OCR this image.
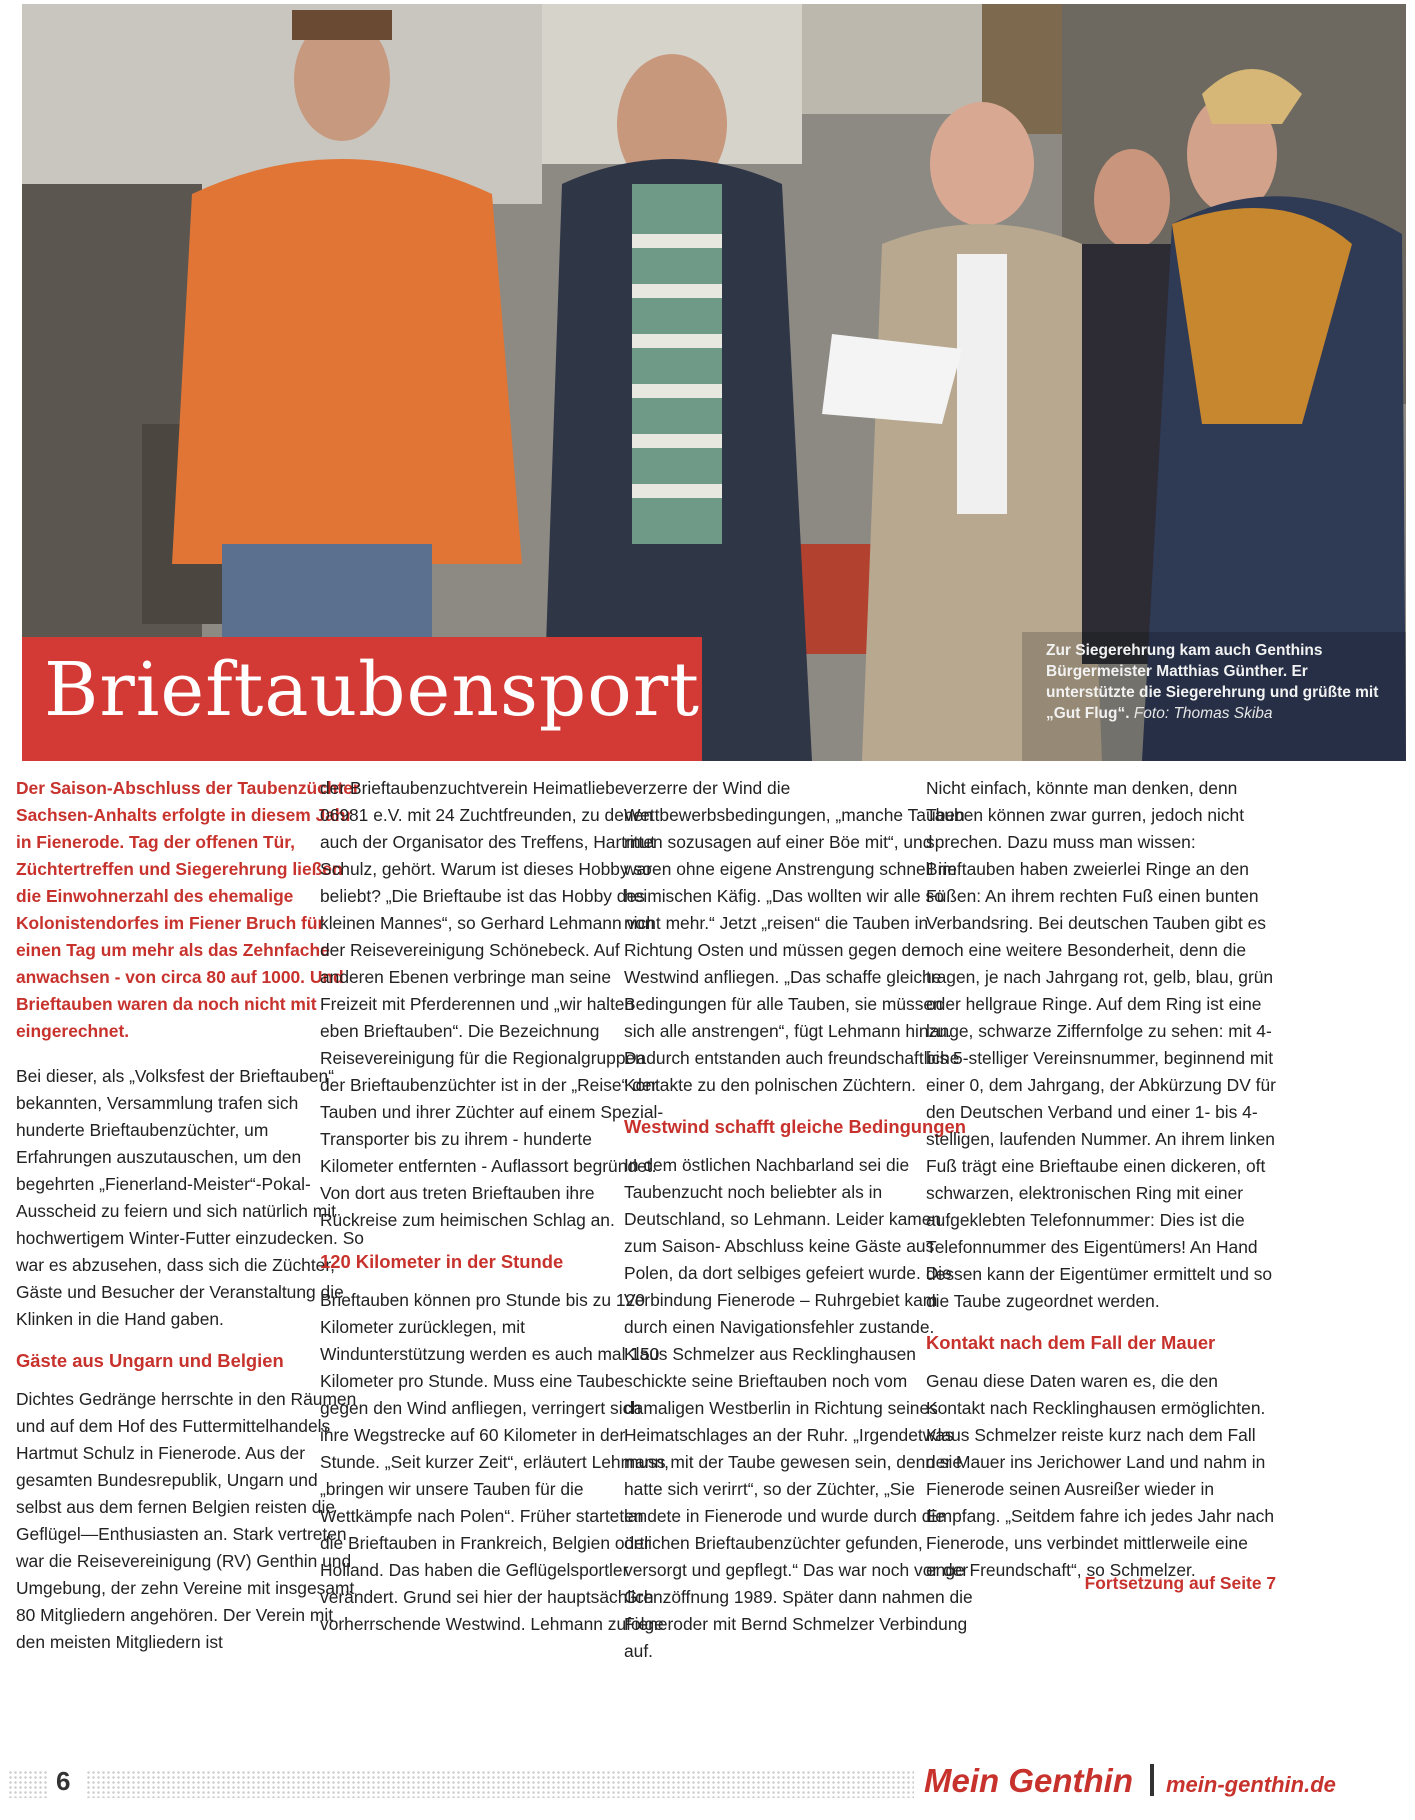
Brieftaubensport	Zur Siegerehrung kam auch Genthins Bürgermeister Matthias Günther. Er unterstützte die Siegerehrung und grüßte mit „Gut Flug“. Foto: Thomas Skiba

Der Saison-Abschluss der Taubenzüchter Sachsen-Anhalts erfolgte in diesem Jahr in Fienerode. Tag der offenen Tür, Züchtertreffen und Siegerehrung ließen die Einwohnerzahl des ehemalige Kolonistendorfes im Fiener Bruch für einen Tag um mehr als das Zehnfache anwachsen - von circa 80 auf 1000. Und Brieftauben waren da noch nicht mit eingerechnet.

Bei dieser, als „Volksfest der Brieftauben“ bekannten, Versammlung trafen sich hunderte Brieftaubenzüchter, um Erfahrungen auszutauschen, um den begehrten „Fienerland-Meister“-Pokal-Ausscheid zu feiern und sich natürlich mit hochwertigem Winter-Futter einzudecken. So war es abzusehen, dass sich die Züchter, Gäste und Besucher der Veranstaltung die Klinken in die Hand gaben.

Gäste aus Ungarn und Belgien

Dichtes Gedränge herrschte in den Räumen und auf dem Hof des Futtermittelhandels Hartmut Schulz in Fienerode. Aus der gesamten Bundesrepublik, Ungarn und selbst aus dem fernen Belgien reisten die Geflügel—Enthusiasten an. Stark vertreten war die Reisevereinigung (RV) Genthin und Umgebung, der zehn Vereine mit insgesamt 80 Mitgliedern angehören. Der Verein mit den meisten Mitgliedern ist

der Brieftaubenzuchtverein Heimatliebe 06981 e.V. mit 24 Zuchtfreunden, zu denen auch der Organisator des Treffens, Hartmut Schulz, gehört. Warum ist dieses Hobby so beliebt? „Die Brieftaube ist das Hobby des kleinen Mannes“, so Gerhard Lehmann von der Reisevereinigung Schönebeck. Auf anderen Ebenen verbringe man seine Freizeit mit Pferderennen und „wir halten eben Brieftauben“. Die Bezeichnung Reisevereinigung für die Regionalgruppen der Brieftaubenzüchter ist in der „Reise“ der Tauben und ihrer Züchter auf einem Spezial-Transporter bis zu ihrem - hunderte Kilometer entfernten - Auflassort begründet. Von dort aus treten Brieftauben ihre Rückreise zum heimischen Schlag an.

120 Kilometer in der Stunde

Brieftauben können pro Stunde bis zu 120 Kilometer zurücklegen, mit Windunterstützung werden es auch mal 150 Kilometer pro Stunde. Muss eine Taube gegen den Wind anfliegen, verringert sich ihre Wegstrecke auf 60 Kilometer in der Stunde. „Seit kurzer Zeit“, erläutert Lehmann, „bringen wir unsere Tauben für die Wettkämpfe nach Polen“. Früher starteten die Brieftauben in Frankreich, Belgien oder Holland. Das haben die Geflügelsportler verändert. Grund sei hier der hauptsächlich vorherrschende Westwind. Lehmann zufolge

verzerre der Wind die Wettbewerbsbedingungen, „manche Tauben ritten sozusagen auf einer Böe mit“, und waren ohne eigene Anstrengung schnell im heimischen Käfig. „Das wollten wir alle so nicht mehr.“ Jetzt „reisen“ die Tauben in Richtung Osten und müssen gegen den Westwind anfliegen. „Das schaffe gleiche Bedingungen für alle Tauben, sie müssen sich alle anstrengen“, fügt Lehmann hinzu. Dadurch entstanden auch freundschaftliche Kontakte zu den polnischen Züchtern.

Westwind schafft gleiche Bedingungen

In dem östlichen Nachbarland sei die Taubenzucht noch beliebter als in Deutschland, so Lehmann. Leider kamen zum Saison- Abschluss keine Gäste aus Polen, da dort selbiges gefeiert wurde. Die Verbindung Fienerode – Ruhrgebiet kam durch einen Navigationsfehler zustande. Klaus Schmelzer aus Recklinghausen schickte seine Brieftauben noch vom damaligen Westberlin in Richtung seines Heimatschlages an der Ruhr. „Irgendetwas muss mit der Taube gewesen sein, denn sie hatte sich verirrt“, so der Züchter, „Sie landete in Fienerode und wurde durch die örtlichen Brieftaubenzüchter gefunden, versorgt und gepflegt.“ Das war noch vor der Grenzöffnung 1989. Später dann nahmen die Fieneroder mit Bernd Schmelzer Verbindung auf.

Nicht einfach, könnte man denken, denn Tauben können zwar gurren, jedoch nicht sprechen. Dazu muss man wissen: Brieftauben haben zweierlei Ringe an den Füßen: An ihrem rechten Fuß einen bunten Verbandsring. Bei deutschen Tauben gibt es noch eine weitere Besonderheit, denn die tragen, je nach Jahrgang rot, gelb, blau, grün oder hellgraue Ringe. Auf dem Ring ist eine lange, schwarze Ziffernfolge zu sehen: mit 4- bis 5-stelliger Vereinsnummer, beginnend mit einer 0, dem Jahrgang, der Abkürzung DV für den Deutschen Verband und einer 1- bis 4-stelligen, laufenden Nummer. An ihrem linken Fuß trägt eine Brieftaube einen dickeren, oft schwarzen, elektronischen Ring mit einer aufgeklebten Telefonnummer: Dies ist die Telefonnummer des Eigentümers! An Hand dessen kann der Eigentümer ermittelt und so die Taube zugeordnet werden.

Kontakt nach dem Fall der Mauer

Genau diese Daten waren es, die den Kontakt nach Recklinghausen ermöglichten. Klaus Schmelzer reiste kurz nach dem Fall der Mauer ins Jerichower Land und nahm in Fienerode seinen Ausreißer wieder in Empfang. „Seitdem fahre ich jedes Jahr nach Fienerode, uns verbindet mittlerweile eine enge Freundschaft“, so Schmelzer.

Fortsetzung auf Seite 7
6	Mein Genthin mein-genthin.de
